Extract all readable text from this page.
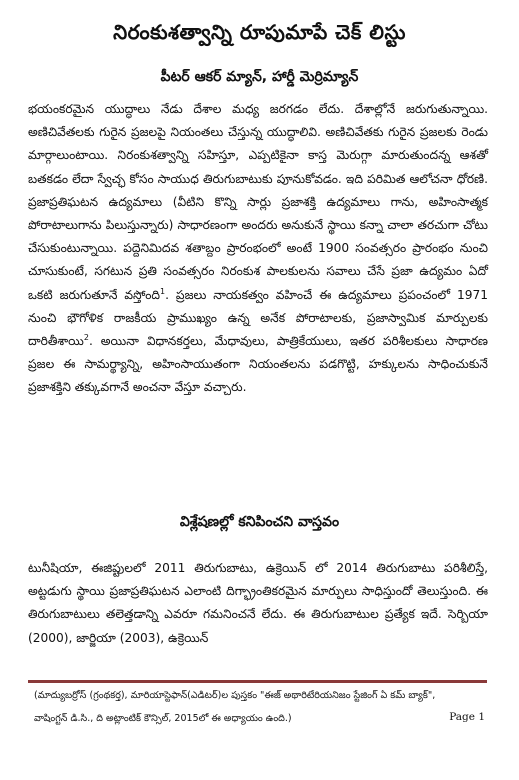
నిరంకుశత్వాన్ని రూపుమాపే చెక్ లిస్టు
పీటర్ ఆకర్ మ్యాన్, హార్డీ మెర్రిమ్యాన్

భయంకరమైన యుద్ధాలు నేడు దేశాల మధ్య జరగడం లేదు. దేశాల్లోనే జరుగుతున్నాయి. అణిచివేతలకు గురైన ప్రజలపై నియంతలు చేస్తున్న యుద్ధాలివి. అణిచివేతకు గురైన ప్రజలకు రెండు మార్గాలుంటాయి. నిరంకుశత్వాన్ని సహిస్తూ, ఎప్పటికైనా కాస్త మెరుగ్గా మారుతుందన్న ఆశతో బతకడం లేదా స్వేచ్ఛ కోసం సాయుధ తిరుగుబాటుకు పూనుకోవడం. ఇది పరిమిత ఆలోచనా ధోరణి. ప్రజాప్రతిఘటన ఉద్యమాలు (వీటిని కొన్ని సార్లు ప్రజాశక్తి ఉద్యమాలు గాను, అహింసాత్మక పోరాటాలుగాను పిలుస్తున్నారు) సాధారణంగా అందరు అనుకునే స్థాయి కన్నా చాలా తరచుగా చోటు చేసుకుంటున్నాయి. పద్దెనిమిదవ శతాబ్దం ప్రారంభంలో అంటే 1900 సంవత్సరం ప్రారంభం నుంచి చూసుకుంటే, సగటున ప్రతి సంవత్సరం నిరంకుశ పాలకులను సవాలు చేసే ప్రజా ఉద్యమం ఏదో ఒకటి జరుగుతూనే వస్తోంది$^1$. ప్రజలు నాయకత్వం వహించే ఈ ఉద్యమాలు ప్రపంచంలో 1971 నుంచి భౌగోళిక రాజకీయ ప్రాముఖ్యం ఉన్న అనేక పోరాటాలకు, ప్రజాస్వామిక మార్పులకు దారితీశాయి$^2$. అయినా విధానకర్తలు, మేధావులు, పాత్రికేయులు, ఇతర పరిశీలకులు సాధారణ ప్రజల ఈ సామర్థ్యాన్ని, అహింసాయుతంగా నియంతలను పడగొట్టి, హక్కులను సాధించుకునే ప్రజాశక్తిని తక్కువగానే అంచనా వేస్తూ వచ్చారు.

విశ్లేషణల్లో కనిపించని వాస్తవం

టునీషియా, ఈజిప్టులలో 2011 తిరుగుబాటు, ఉక్రెయిన్ లో 2014 తిరుగుబాటు పరిశీలిస్తే, అట్టడుగు స్థాయి ప్రజాప్రతిఘటన ఎలాంటి దిగ్భ్రాంతికరమైన మార్పులు సాధిస్తుందో తెలుస్తుంది. ఈ తిరుగుబాటులు తలెత్తడాన్ని ఎవరూ గమనించనే లేదు. ఈ తిరుగుబాటుల ప్రత్యేక ఇదే. సెర్బియా (2000), జార్జియా (2003), ఉక్రెయిన్

(మాద్యుబర్రోస్ (గ్రంథకర్త), మారియాస్టెఫాన్(ఎడిటర్)ల పుస్తకం "ఈజ్ అథారిటేరియనిజం స్టేజింగ్ ఏ కమ్ బ్యాక్",

వాషింగ్టన్ డి.సి., ది అట్లాంటిక్ కౌన్సిల్, 2015లో ఈ అధ్యాయం ఉంది.)	Page 1
